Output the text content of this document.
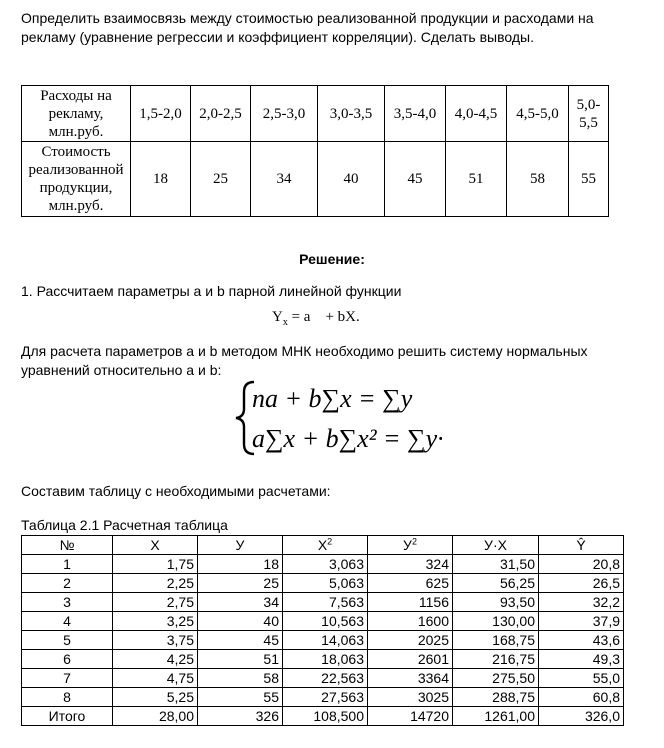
Определить взаимосвязь между стоимостью реализованной продукции и расходами на рекламу (уравнение регрессии и коэффициент корреляции). Сделать выводы.
Расходы на рекламу, млн.руб.	1,5-2,0	2,0-2,5	2,5-3,0	3,0-3,5	3,5-4,0	4,0-4,5	4,5-5,0	5,0-5,5
Стоимость реализованной продукции, млн.руб.	18	25	34	40	45	51	58	55
Решение:
1. Рассчитаем параметры a и b парной линейной функции
$Y_x = a$    + bX.
Для расчета параметров a и b методом МНК необходимо решить систему нормальных уравнений относительно a и b:
na + b∑x = ∑y
a∑x + b∑x² = ∑y·x
Составим таблицу с необходимыми расчетами:
Таблица 2.1 Расчетная таблица
№	X	У	$X^2$	$У^2$	У·X	Ŷ
1	1,75	18	3,063	324	31,50	20,8
2	2,25	25	5,063	625	56,25	26,5
3	2,75	34	7,563	1156	93,50	32,2
4	3,25	40	10,563	1600	130,00	37,9
5	3,75	45	14,063	2025	168,75	43,6
6	4,25	51	18,063	2601	216,75	49,3
7	4,75	58	22,563	3364	275,50	55,0
8	5,25	55	27,563	3025	288,75	60,8
Итого	28,00	326	108,500	14720	1261,00	326,0
